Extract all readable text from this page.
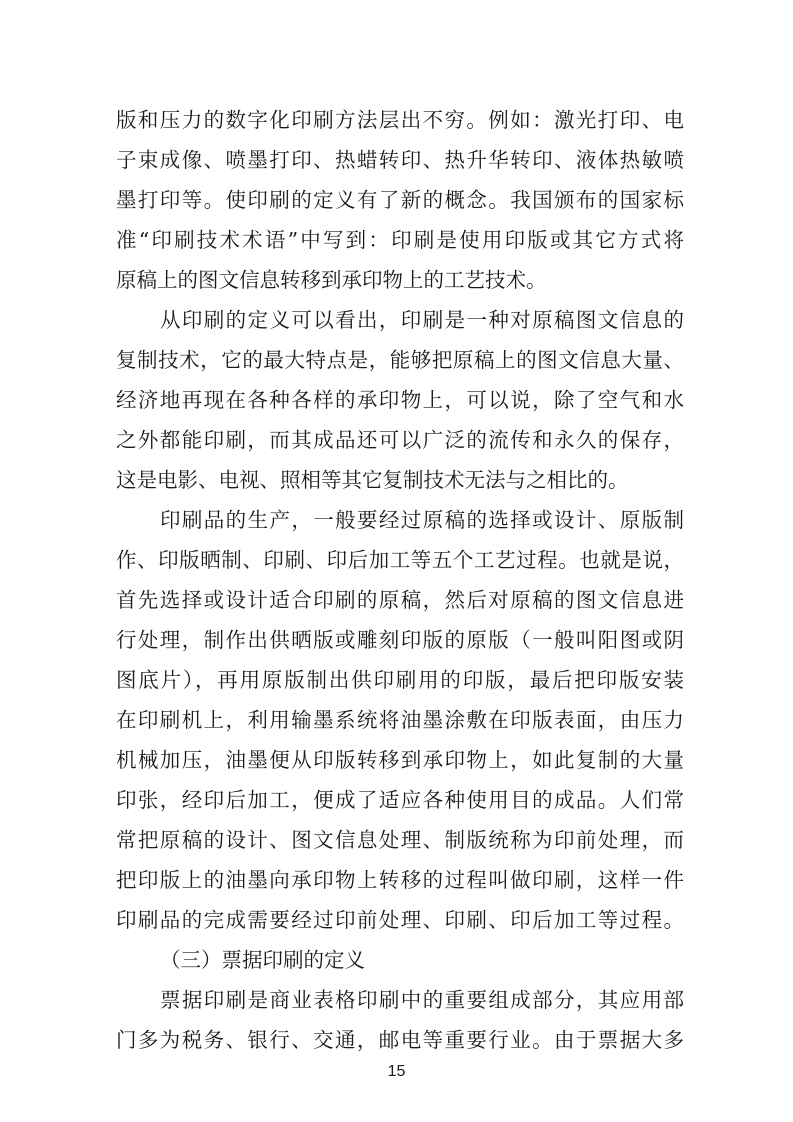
版和压力的数字化印刷方法层出不穷。例如：激光打印、电
子束成像、喷墨打印、热蜡转印、热升华转印、液体热敏喷
墨打印等。使印刷的定义有了新的概念。我国颁布的国家标
准“印刷技术术语”中写到：印刷是使用印版或其它方式将
原稿上的图文信息转移到承印物上的工艺技术。
从印刷的定义可以看出，印刷是一种对原稿图文信息的
复制技术，它的最大特点是，能够把原稿上的图文信息大量、
经济地再现在各种各样的承印物上，可以说，除了空气和水
之外都能印刷，而其成品还可以广泛的流传和永久的保存，
这是电影、电视、照相等其它复制技术无法与之相比的。
印刷品的生产，一般要经过原稿的选择或设计、原版制
作、印版晒制、印刷、印后加工等五个工艺过程。也就是说，
首先选择或设计适合印刷的原稿，然后对原稿的图文信息进
行处理，制作出供晒版或雕刻印版的原版（一般叫阳图或阴
图底片），再用原版制出供印刷用的印版，最后把印版安装
在印刷机上，利用输墨系统将油墨涂敷在印版表面，由压力
机械加压，油墨便从印版转移到承印物上，如此复制的大量
印张，经印后加工，便成了适应各种使用目的成品。人们常
常把原稿的设计、图文信息处理、制版统称为印前处理，而
把印版上的油墨向承印物上转移的过程叫做印刷，这样一件
印刷品的完成需要经过印前处理、印刷、印后加工等过程。
（三）票据印刷的定义
票据印刷是商业表格印刷中的重要组成部分，其应用部
门多为税务、银行、交通，邮电等重要行业。由于票据大多
15
